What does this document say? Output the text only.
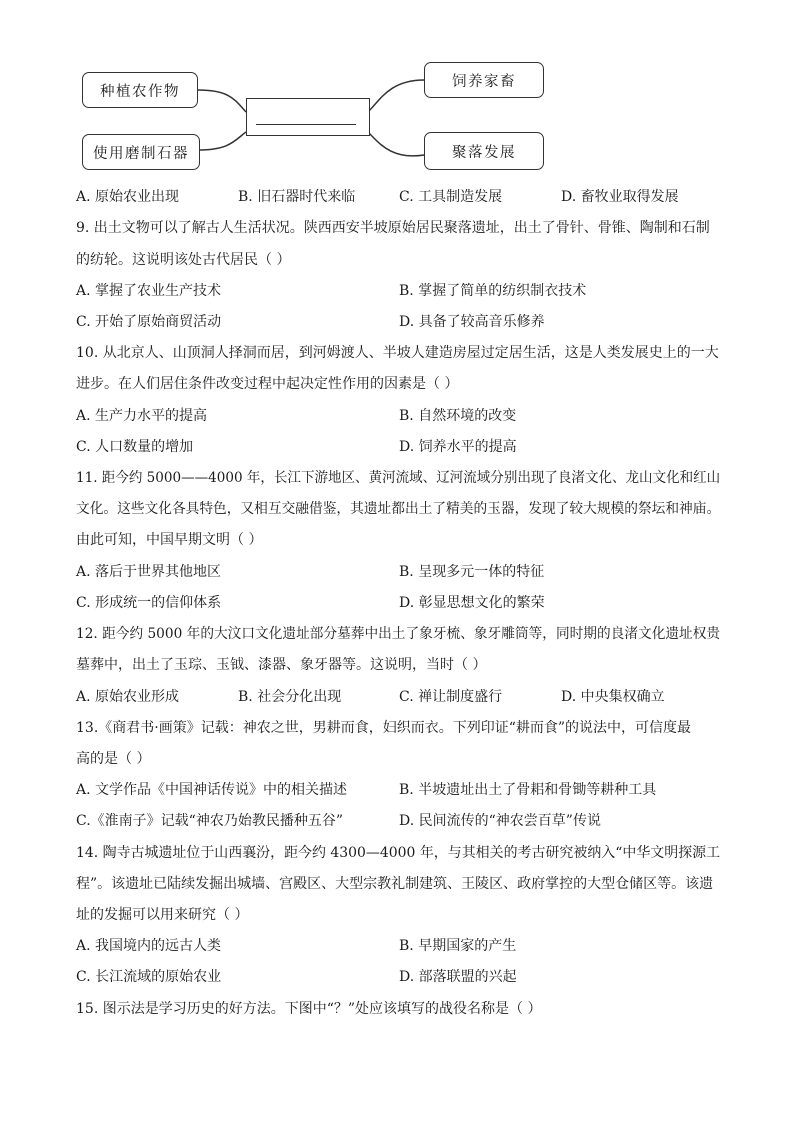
种植农作物
使用磨制石器
饲养家畜
聚落发展
A. 原始农业出现	B. 旧石器时代来临	C. 工具制造发展	D. 畜牧业取得发展
9. 出土文物可以了解古人生活状况。陕西西安半坡原始居民聚落遗址，出土了骨针、骨锥、陶制和石制
的纺轮。这说明该处古代居民（ ）
A. 掌握了农业生产技术	B. 掌握了简单的纺织制衣技术
C. 开始了原始商贸活动	D. 具备了较高音乐修养
10. 从北京人、山顶洞人择洞而居，到河姆渡人、半坡人建造房屋过定居生活，这是人类发展史上的一大
进步。在人们居住条件改变过程中起决定性作用的因素是（ ）
A. 生产力水平的提高	B. 自然环境的改变
C. 人口数量的增加	D. 饲养水平的提高
11. 距今约 5000——4000 年，长江下游地区、黄河流域、辽河流域分别出现了良渚文化、龙山文化和红山
文化。这些文化各具特色，又相互交融借鉴，其遗址都出土了精美的玉器，发现了较大规模的祭坛和神庙。
由此可知，中国早期文明（ ）
A. 落后于世界其他地区	B. 呈现多元一体的特征
C. 形成统一的信仰体系	D. 彰显思想文化的繁荣
12. 距今约 5000 年的大汶口文化遗址部分墓葬中出土了象牙梳、象牙雕筒等，同时期的良渚文化遗址权贵
墓葬中，出土了玉琮、玉钺、漆器、象牙器等。这说明，当时（ ）
A. 原始农业形成	B. 社会分化出现	C. 禅让制度盛行	D. 中央集权确立
13.《商君书·画策》记载：神农之世，男耕而食，妇织而衣。下列印证“耕而食”的说法中，可信度最
高的是（ ）
A. 文学作品《中国神话传说》中的相关描述	B. 半坡遗址出土了骨耜和骨锄等耕种工具
C.《淮南子》记载“神农乃始教民播种五谷”	D. 民间流传的“神农尝百草”传说
14. 陶寺古城遗址位于山西襄汾，距今约 4300—4000 年，与其相关的考古研究被纳入“中华文明探源工
程”。该遗址已陆续发掘出城墙、宫殿区、大型宗教礼制建筑、王陵区、政府掌控的大型仓储区等。该遗
址的发掘可以用来研究（ ）
A. 我国境内的远古人类	B. 早期国家的产生
C. 长江流域的原始农业	D. 部落联盟的兴起
15. 图示法是学习历史的好方法。下图中“？”处应该填写的战役名称是（ ）
